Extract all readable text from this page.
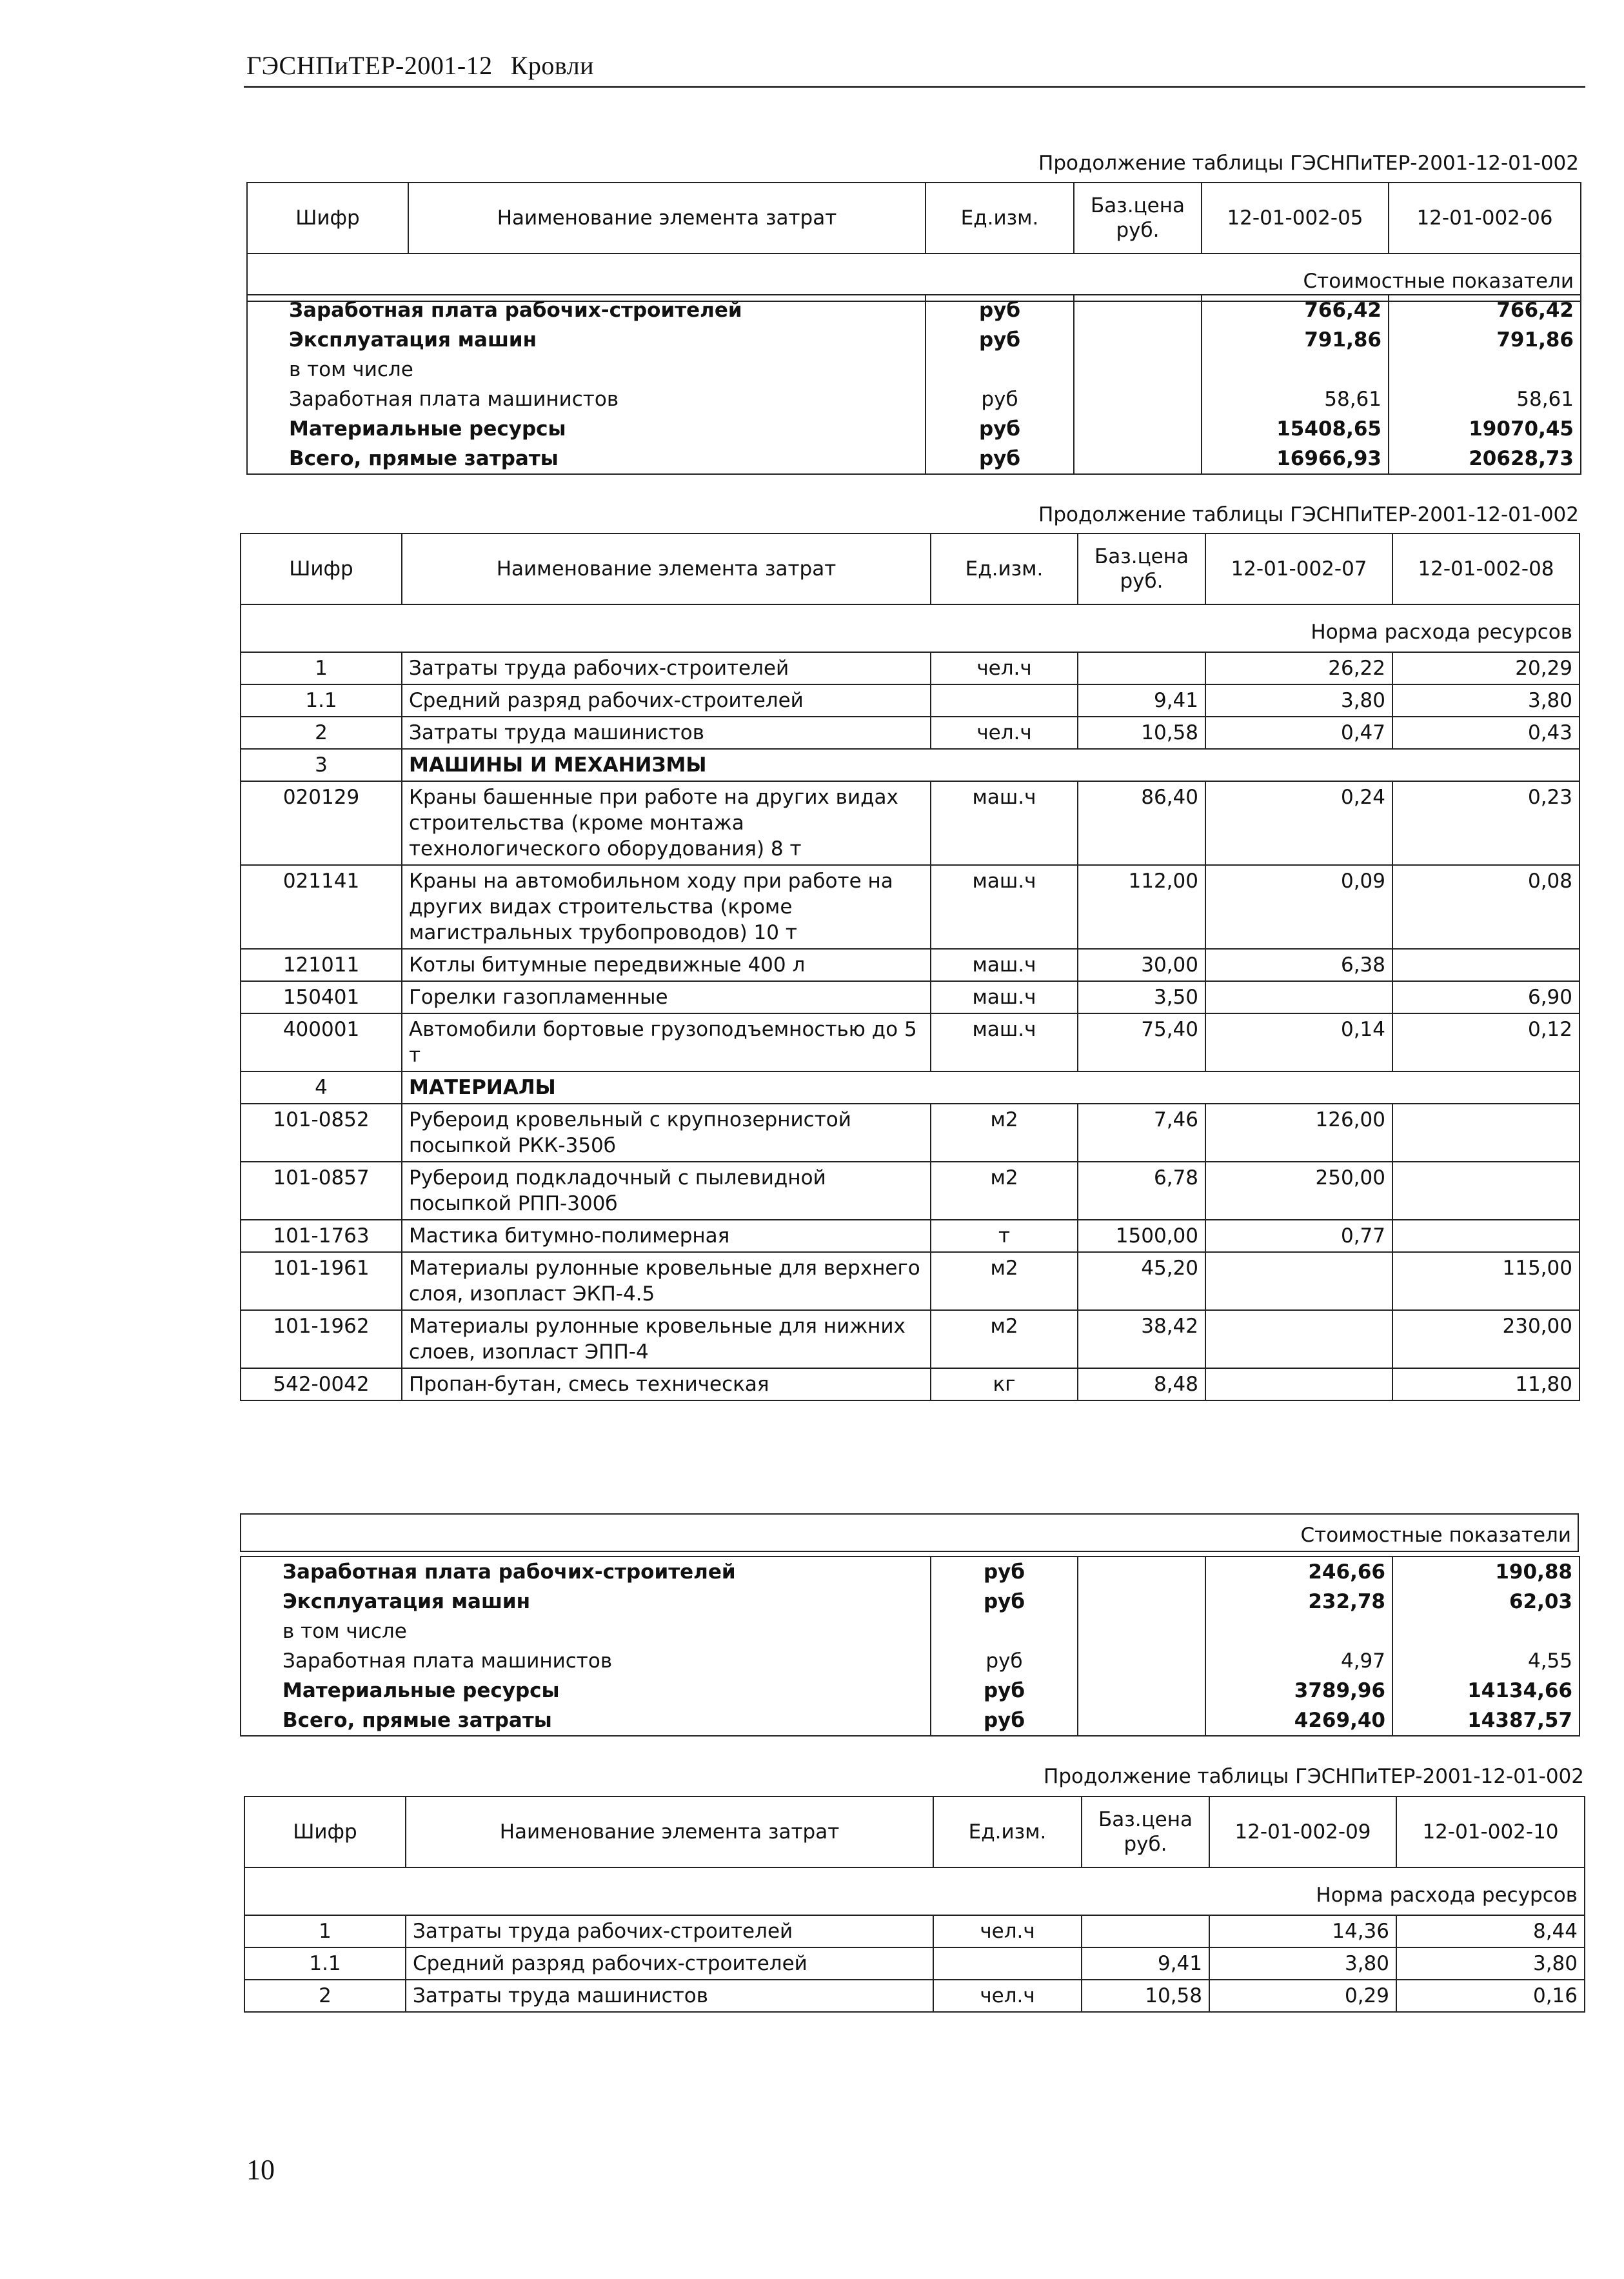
ГЭСНПиТЕР-2001-12 Кровли
Продолжение таблицы ГЭСНПиТЕР-2001-12-01-002
Шифр	Наименование элемента затрат	Ед.изм.	Баз.цена руб.	12-01-002-05	12-01-002-06
Стоимостные показатели
Заработная плата рабочих-строителей	руб		766,42	766,42
Эксплуатация машин	руб		791,86	791,86
в том числе				
Заработная плата машинистов	руб		58,61	58,61
Материальные ресурсы	руб		15408,65	19070,45
Всего, прямые затраты	руб		16966,93	20628,73
Продолжение таблицы ГЭСНПиТЕР-2001-12-01-002
Шифр	Наименование элемента затрат	Ед.изм.	Баз.цена руб.	12-01-002-07	12-01-002-08
Норма расхода ресурсов					
1	Затраты труда рабочих-строителей	чел.ч		26,22	20,29
1.1	Средний разряд рабочих-строителей		9,41	3,80	3,80
2	Затраты труда машинистов	чел.ч	10,58	0,47	0,43
3	МАШИНЫ И МЕХАНИЗМЫ				
020129	Краны башенные при работе на других видах строительства (кроме монтажа технологического оборудования) 8 т	маш.ч	86,40	0,24	0,23
021141	Краны на автомобильном ходу при работе на других видах строительства (кроме магистральных трубопроводов) 10 т	маш.ч	112,00	0,09	0,08
121011	Котлы битумные передвижные 400 л	маш.ч	30,00	6,38	
150401	Горелки газопламенные	маш.ч	3,50		6,90
400001	Автомобили бортовые грузоподъемностью до 5 т	маш.ч	75,40	0,14	0,12
4	МАТЕРИАЛЫ				
101-0852	Рубероид кровельный с крупнозернистой посыпкой РКК-350б	м2	7,46	126,00	
101-0857	Рубероид подкладочный с пылевидной посыпкой РПП-300б	м2	6,78	250,00	
101-1763	Мастика битумно-полимерная	т	1500,00	0,77	
101-1961	Материалы рулонные кровельные для верхнего слоя, изопласт ЭКП-4.5	м2	45,20		115,00
101-1962	Материалы рулонные кровельные для нижних слоев, изопласт ЭПП-4	м2	38,42		230,00
542-0042	Пропан-бутан, смесь техническая	кг	8,48		11,80
Стоимостные показатели
Заработная плата рабочих-строителей	руб		246,66	190,88
Эксплуатация машин	руб		232,78	62,03
в том числе				
Заработная плата машинистов	руб		4,97	4,55
Материальные ресурсы	руб		3789,96	14134,66
Всего, прямые затраты	руб		4269,40	14387,57
Продолжение таблицы ГЭСНПиТЕР-2001-12-01-002
Шифр	Наименование элемента затрат	Ед.изм.	Баз.цена руб.	12-01-002-09	12-01-002-10
Норма расхода ресурсов					
1	Затраты труда рабочих-строителей	чел.ч		14,36	8,44
1.1	Средний разряд рабочих-строителей		9,41	3,80	3,80
2	Затраты труда машинистов	чел.ч	10,58	0,29	0,16
10
